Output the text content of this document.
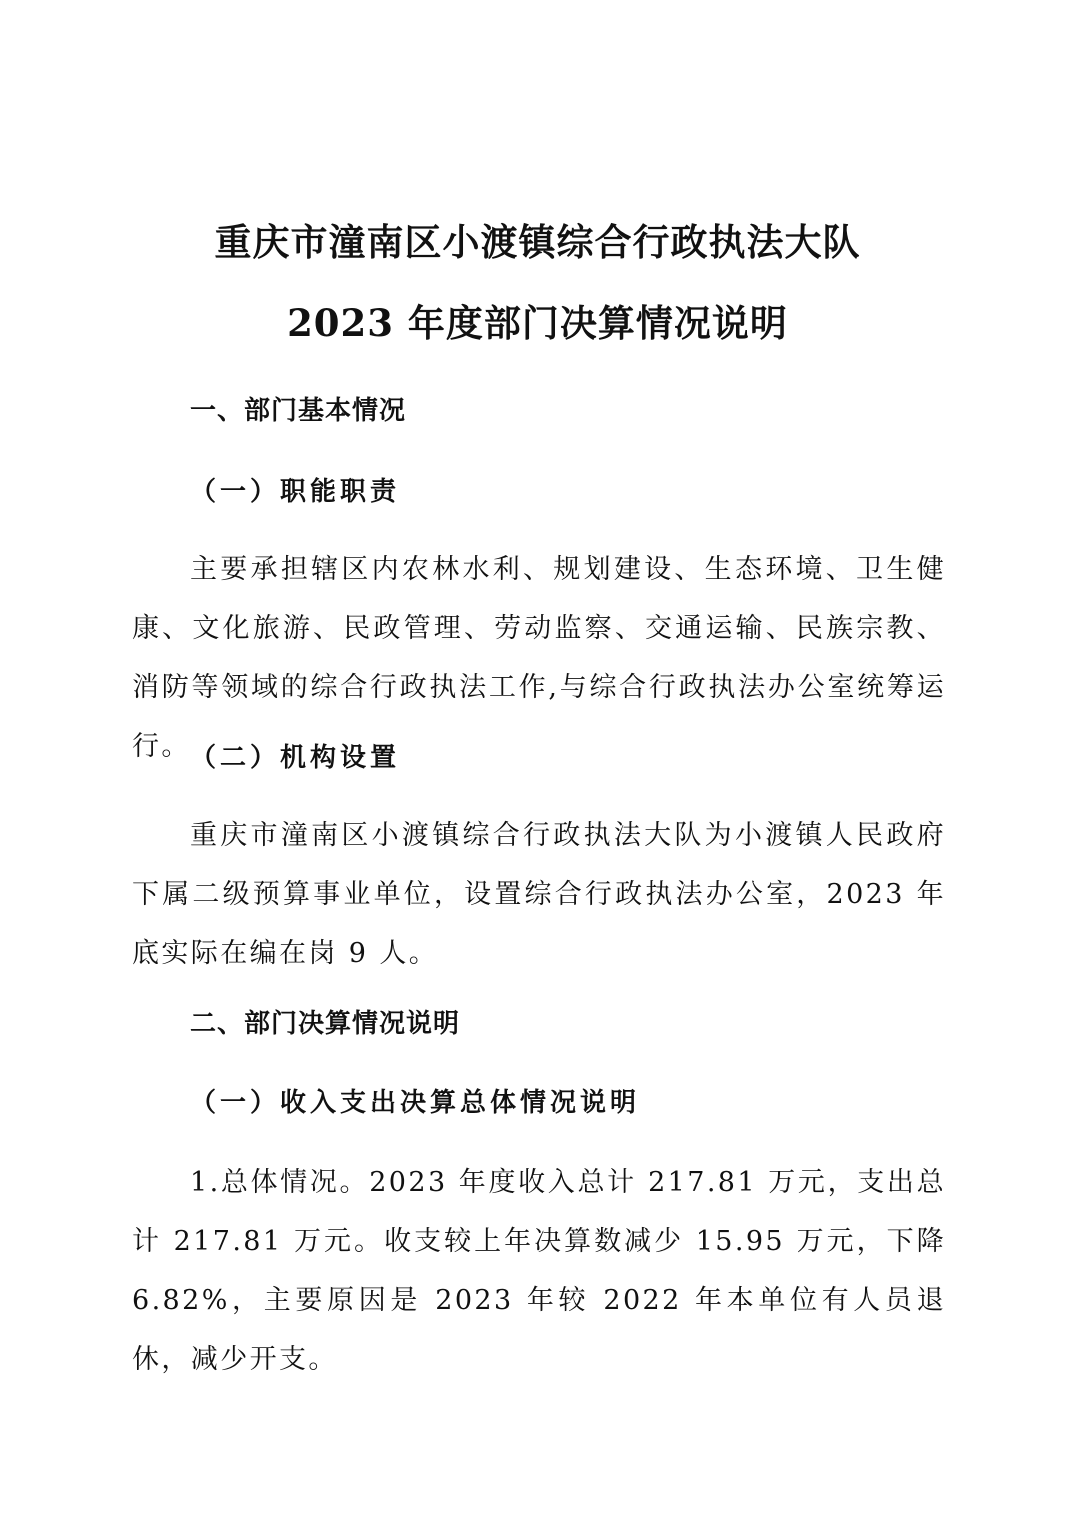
重庆市潼南区小渡镇综合行政执法大队
2023 年度部门决算情况说明
一、部门基本情况
（一）职能职责

主要承担辖区内农林水利、规划建设、生态环境、卫生健康、文化旅游、民政管理、劳动监察、交通运输、民族宗教、消防等领域的综合行政执法工作,与综合行政执法办公室统筹运行。 （二）机构设置

重庆市潼南区小渡镇综合行政执法大队为小渡镇人民政府下属二级预算事业单位，设置综合行政执法办公室，2023 年底实际在编在岗 9 人。

二、部门决算情况说明
（一）收入支出决算总体情况说明

1.总体情况。2023 年度收入总计 217.81 万元，支出总计 217.81 万元。收支较上年决算数减少 15.95 万元，下降 6.82%，主要原因是 2023 年较 2022 年本单位有人员退休，减少开支。
